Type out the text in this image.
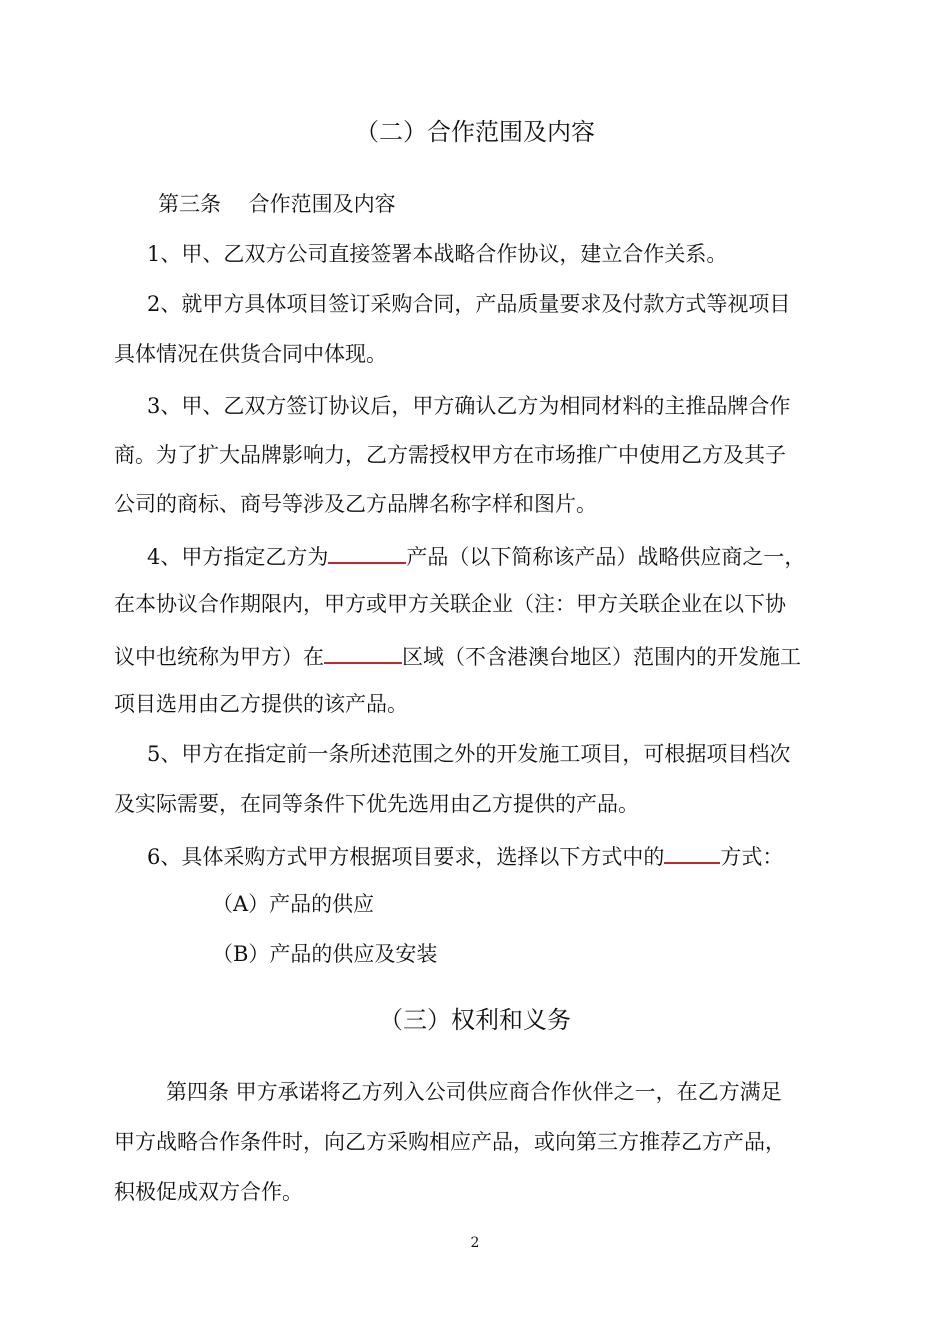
（二）合作范围及内容
第三条　 合作范围及内容
1、甲、乙双方公司直接签署本战略合作协议，建立合作关系。
2、就甲方具体项目签订采购合同，产品质量要求及付款方式等视项目
具体情况在供货合同中体现。
3、甲、乙双方签订协议后，甲方确认乙方为相同材料的主推品牌合作
商。为了扩大品牌影响力，乙方需授权甲方在市场推广中使用乙方及其子
公司的商标、商号等涉及乙方品牌名称字样和图片。
4、甲方指定乙方为	产品（以下简称该产品）战略供应商之一，
在本协议合作期限内，甲方或甲方关联企业（注：甲方关联企业在以下协
议中也统称为甲方）在	区域（不含港澳台地区）范围内的开发施工
项目选用由乙方提供的该产品。
5、甲方在指定前一条所述范围之外的开发施工项目，可根据项目档次
及实际需要，在同等条件下优先选用由乙方提供的产品。
6、具体采购方式甲方根据项目要求，选择以下方式中的	方式：
（A）产品的供应
（B）产品的供应及安装
（三）权利和义务
第四条 甲方承诺将乙方列入公司供应商合作伙伴之一，在乙方满足
甲方战略合作条件时，向乙方采购相应产品，或向第三方推荐乙方产品，
积极促成双方合作。
2
